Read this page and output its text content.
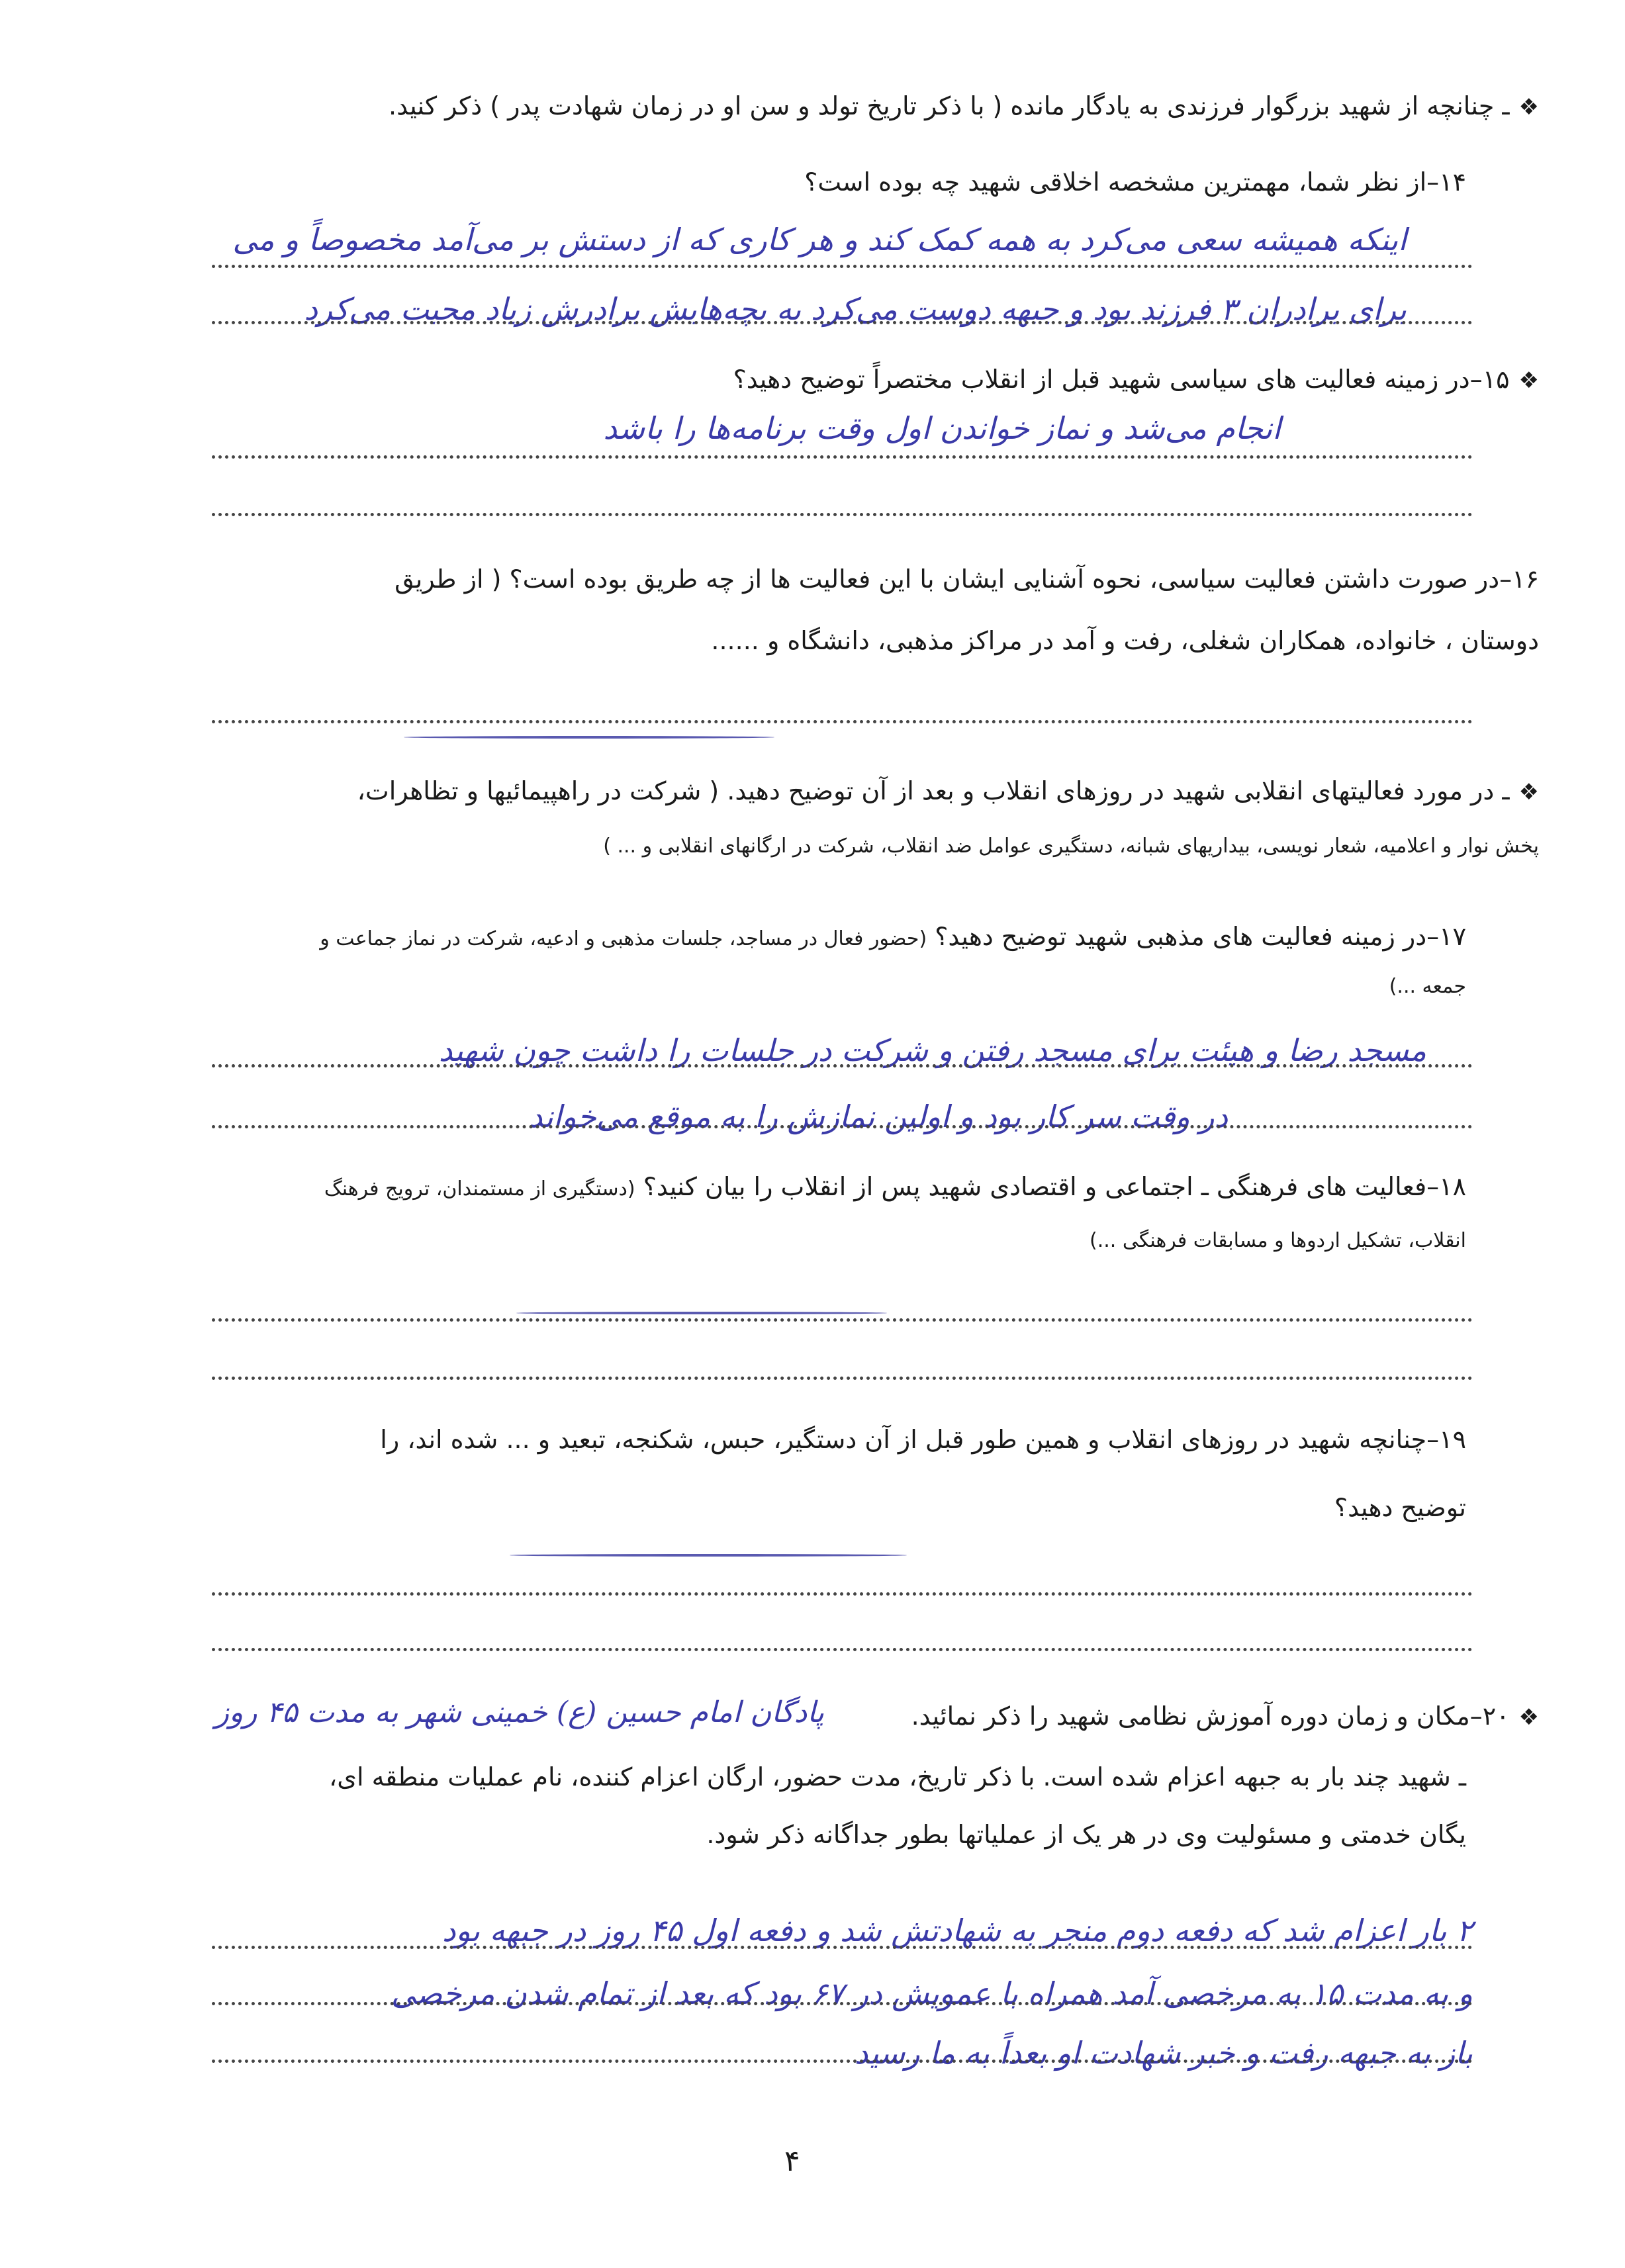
❖ـ چنانچه از شهید بزرگوار فرزندی به یادگار مانده ( با ذکر تاریخ تولد و سن او در زمان شهادت پدر ) ذکر کنید.
۱۴–از نظر شما، مهمترین مشخصه اخلاقی شهید چه بوده است؟
اینکه همیشه سعی می‌کرد به همه کمک کند و هر کاری که از دستش بر می‌آمد مخصوصاً و می
برای برادران ۳ فرزند بود و جبهه دوست می‌کرد به بچه‌هایش برادرش زیاد محبت می‌کرد
❖۱۵–در زمینه فعالیت های سیاسی شهید قبل از انقلاب مختصراً توضیح دهید؟
انجام می‌شد و نماز خواندن اول وقت برنامه‌ها را باشد
۱۶–در صورت داشتن فعالیت سیاسی، نحوه آشنایی ایشان با این فعالیت ها از چه طریق بوده است؟ ( از طریق
دوستان ، خانواده، همکاران شغلی، رفت و آمد در مراکز مذهبی، دانشگاه و ......
❖ـ در مورد فعالیتهای انقلابی شهید در روزهای انقلاب و بعد از آن توضیح دهید. ( شرکت در راهپیمائیها و تظاهرات،
پخش نوار و اعلامیه، شعار نویسی، بیداریهای شبانه، دستگیری عوامل ضد انقلاب، شرکت در ارگانهای انقلابی و ... )
۱۷–در زمینه فعالیت های مذهبی شهید توضیح دهید؟ (حضور فعال در مساجد، جلسات مذهبی و ادعیه، شرکت در نماز جماعت و
جمعه ...)
مسجد رضا و هیئت برای مسجد رفتن و شرکت در جلسات را داشت چون شهید
در وقت سر کار بود و اولین نمازش را به موقع می‌خواند
۱۸–فعالیت های فرهنگی ـ اجتماعی و اقتصادی شهید پس از انقلاب را بیان کنید؟ (دستگیری از مستمندان، ترویج فرهنگ
انقلاب، تشکیل اردوها و مسابقات فرهنگی ...)
۱۹–چنانچه شهید در روزهای انقلاب و همین طور قبل از آن دستگیر، حبس، شکنجه، تبعید و ... شده اند، را
توضیح دهید؟
❖۲۰–مکان و زمان دوره آموزش نظامی شهید را ذکر نمائید.
پادگان امام حسین (ع) خمینی شهر به مدت ۴۵ روز
ـ شهید چند بار به جبهه اعزام شده است. با ذکر تاریخ، مدت حضور، ارگان اعزام کننده، نام عملیات منطقه ای،
یگان خدمتی و مسئولیت وی در هر یک از عملیاتها بطور جداگانه ذکر شود.
۲ بار اعزام شد که دفعه دوم منجر به شهادتش شد و دفعه اول ۴۵ روز در جبهه بود
و به مدت ۱۵ به مرخصی آمد همراه با عمویش در ۶۷ بود که بعد از تمام شدن مرخصی
باز به جبهه رفت و خبر شهادت او بعداً به ما رسید
۴
